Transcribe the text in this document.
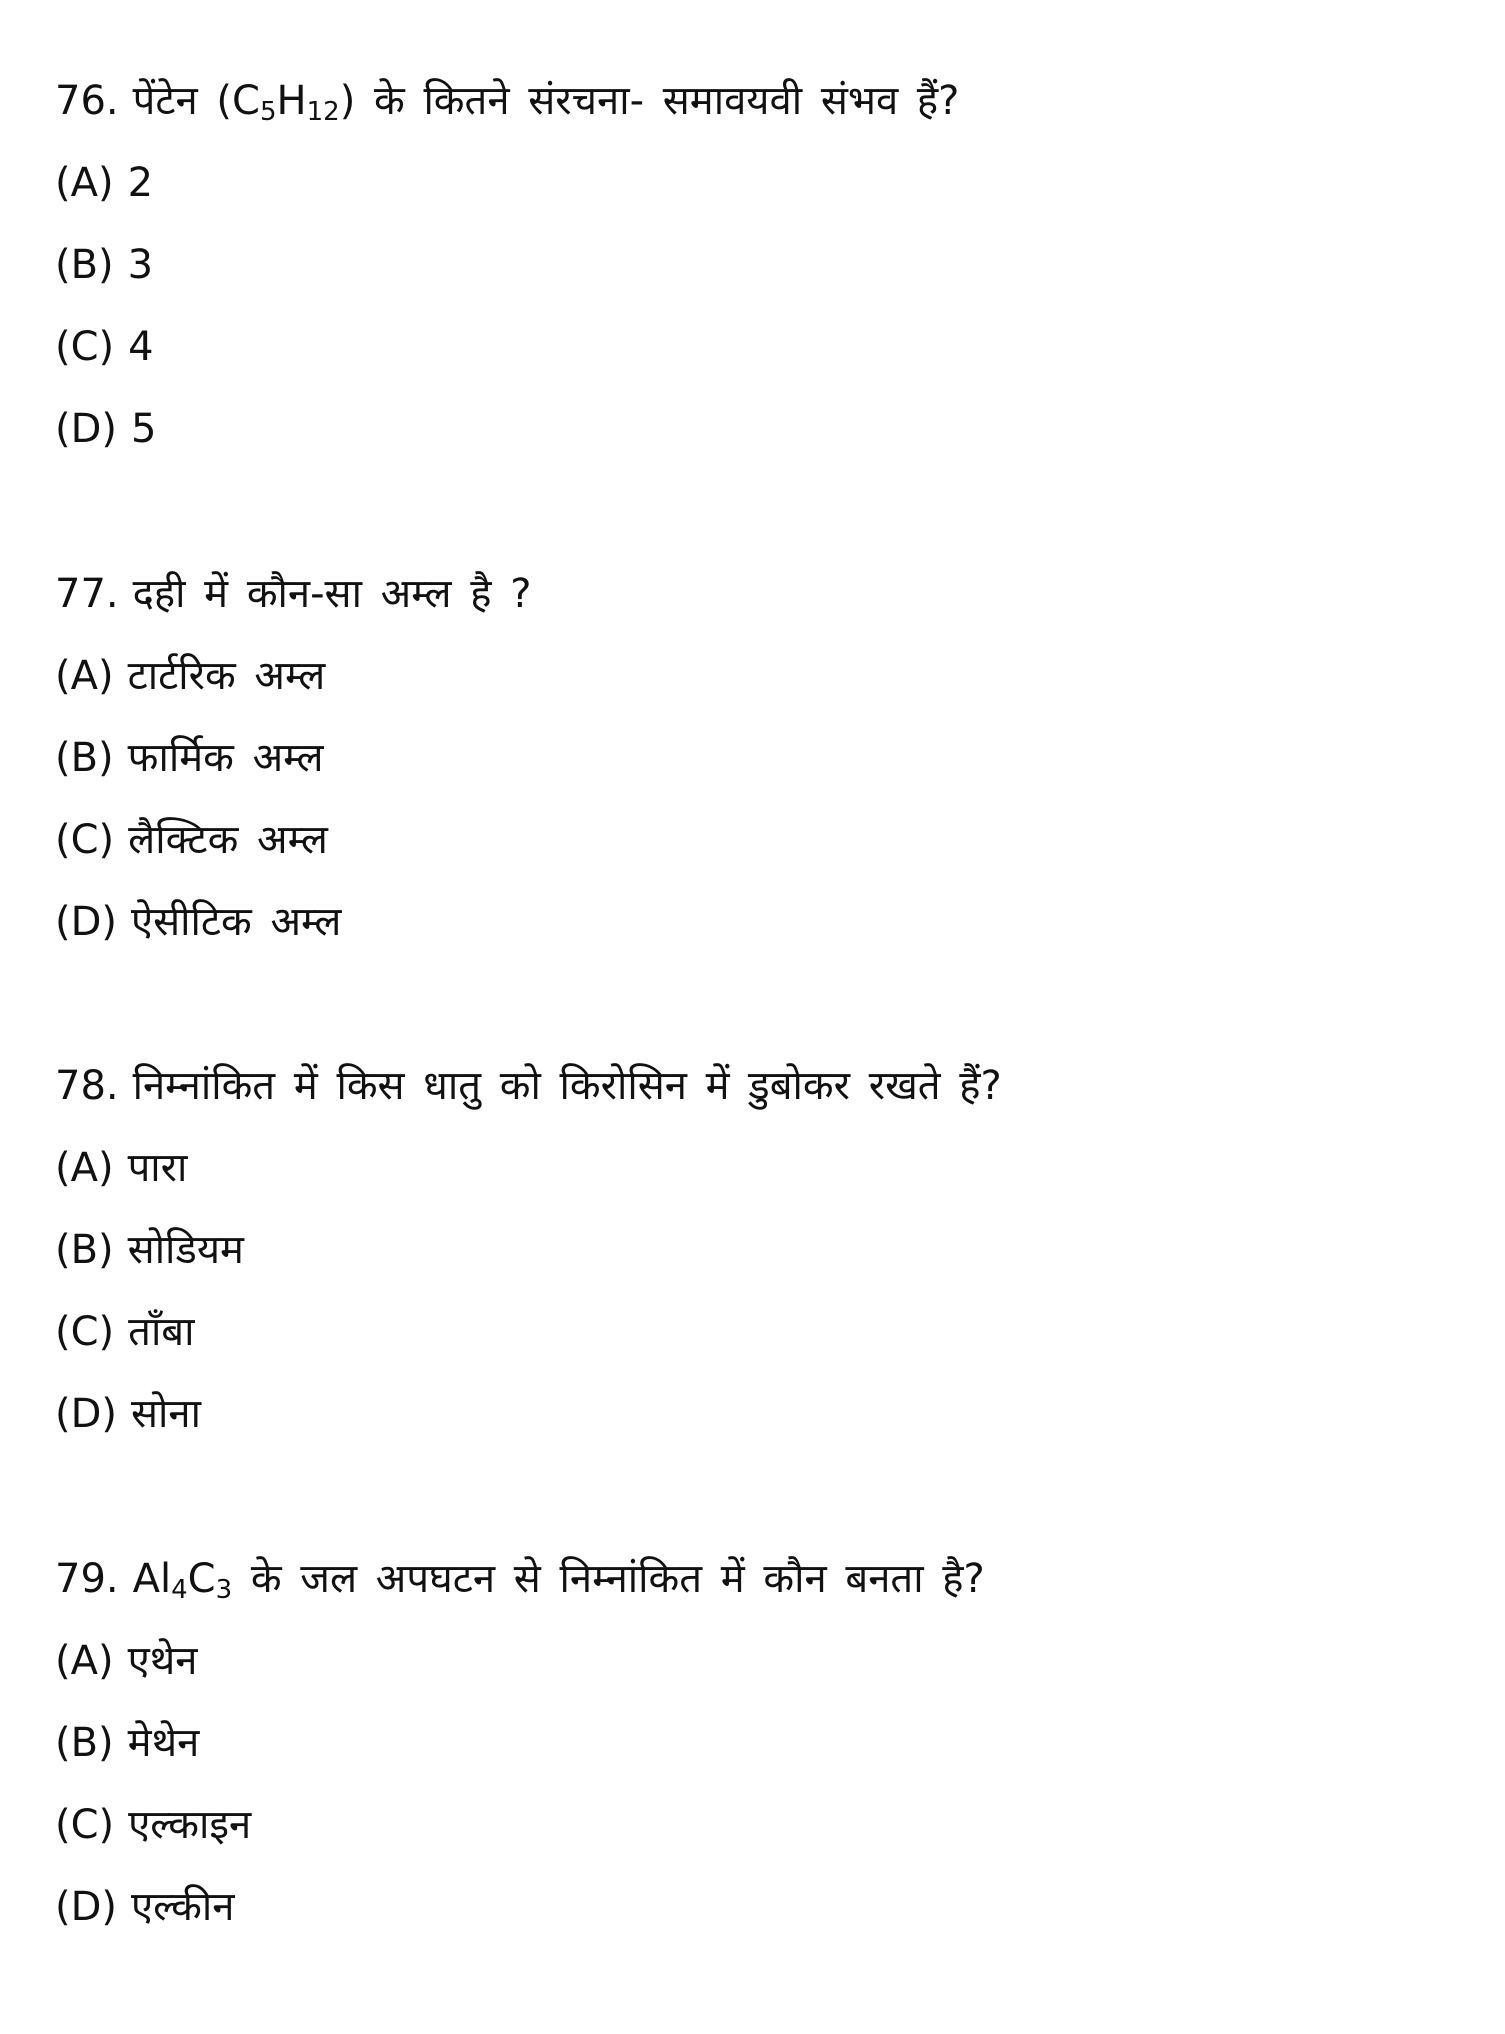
76. पेंटेन $(C_5H_{12})$ के कितने संरचना- समावयवी संभव हैं?
(A) 2
(B) 3
(C) 4
(D) 5
77. दही में कौन-सा अम्ल है ?
(A) टार्टरिक अम्ल
(B) फार्मिक अम्ल
(C) लैक्टिक अम्ल
(D) ऐसीटिक अम्ल
78. निम्नांकित में किस धातु को किरोसिन में डुबोकर रखते हैं?
(A) पारा
(B) सोडियम
(C) ताँबा
(D) सोना
79. $Al_4C_3$ के जल अपघटन से निम्नांकित में कौन बनता है?
(A) एथेन
(B) मेथेन
(C) एल्काइन
(D) एल्कीन
